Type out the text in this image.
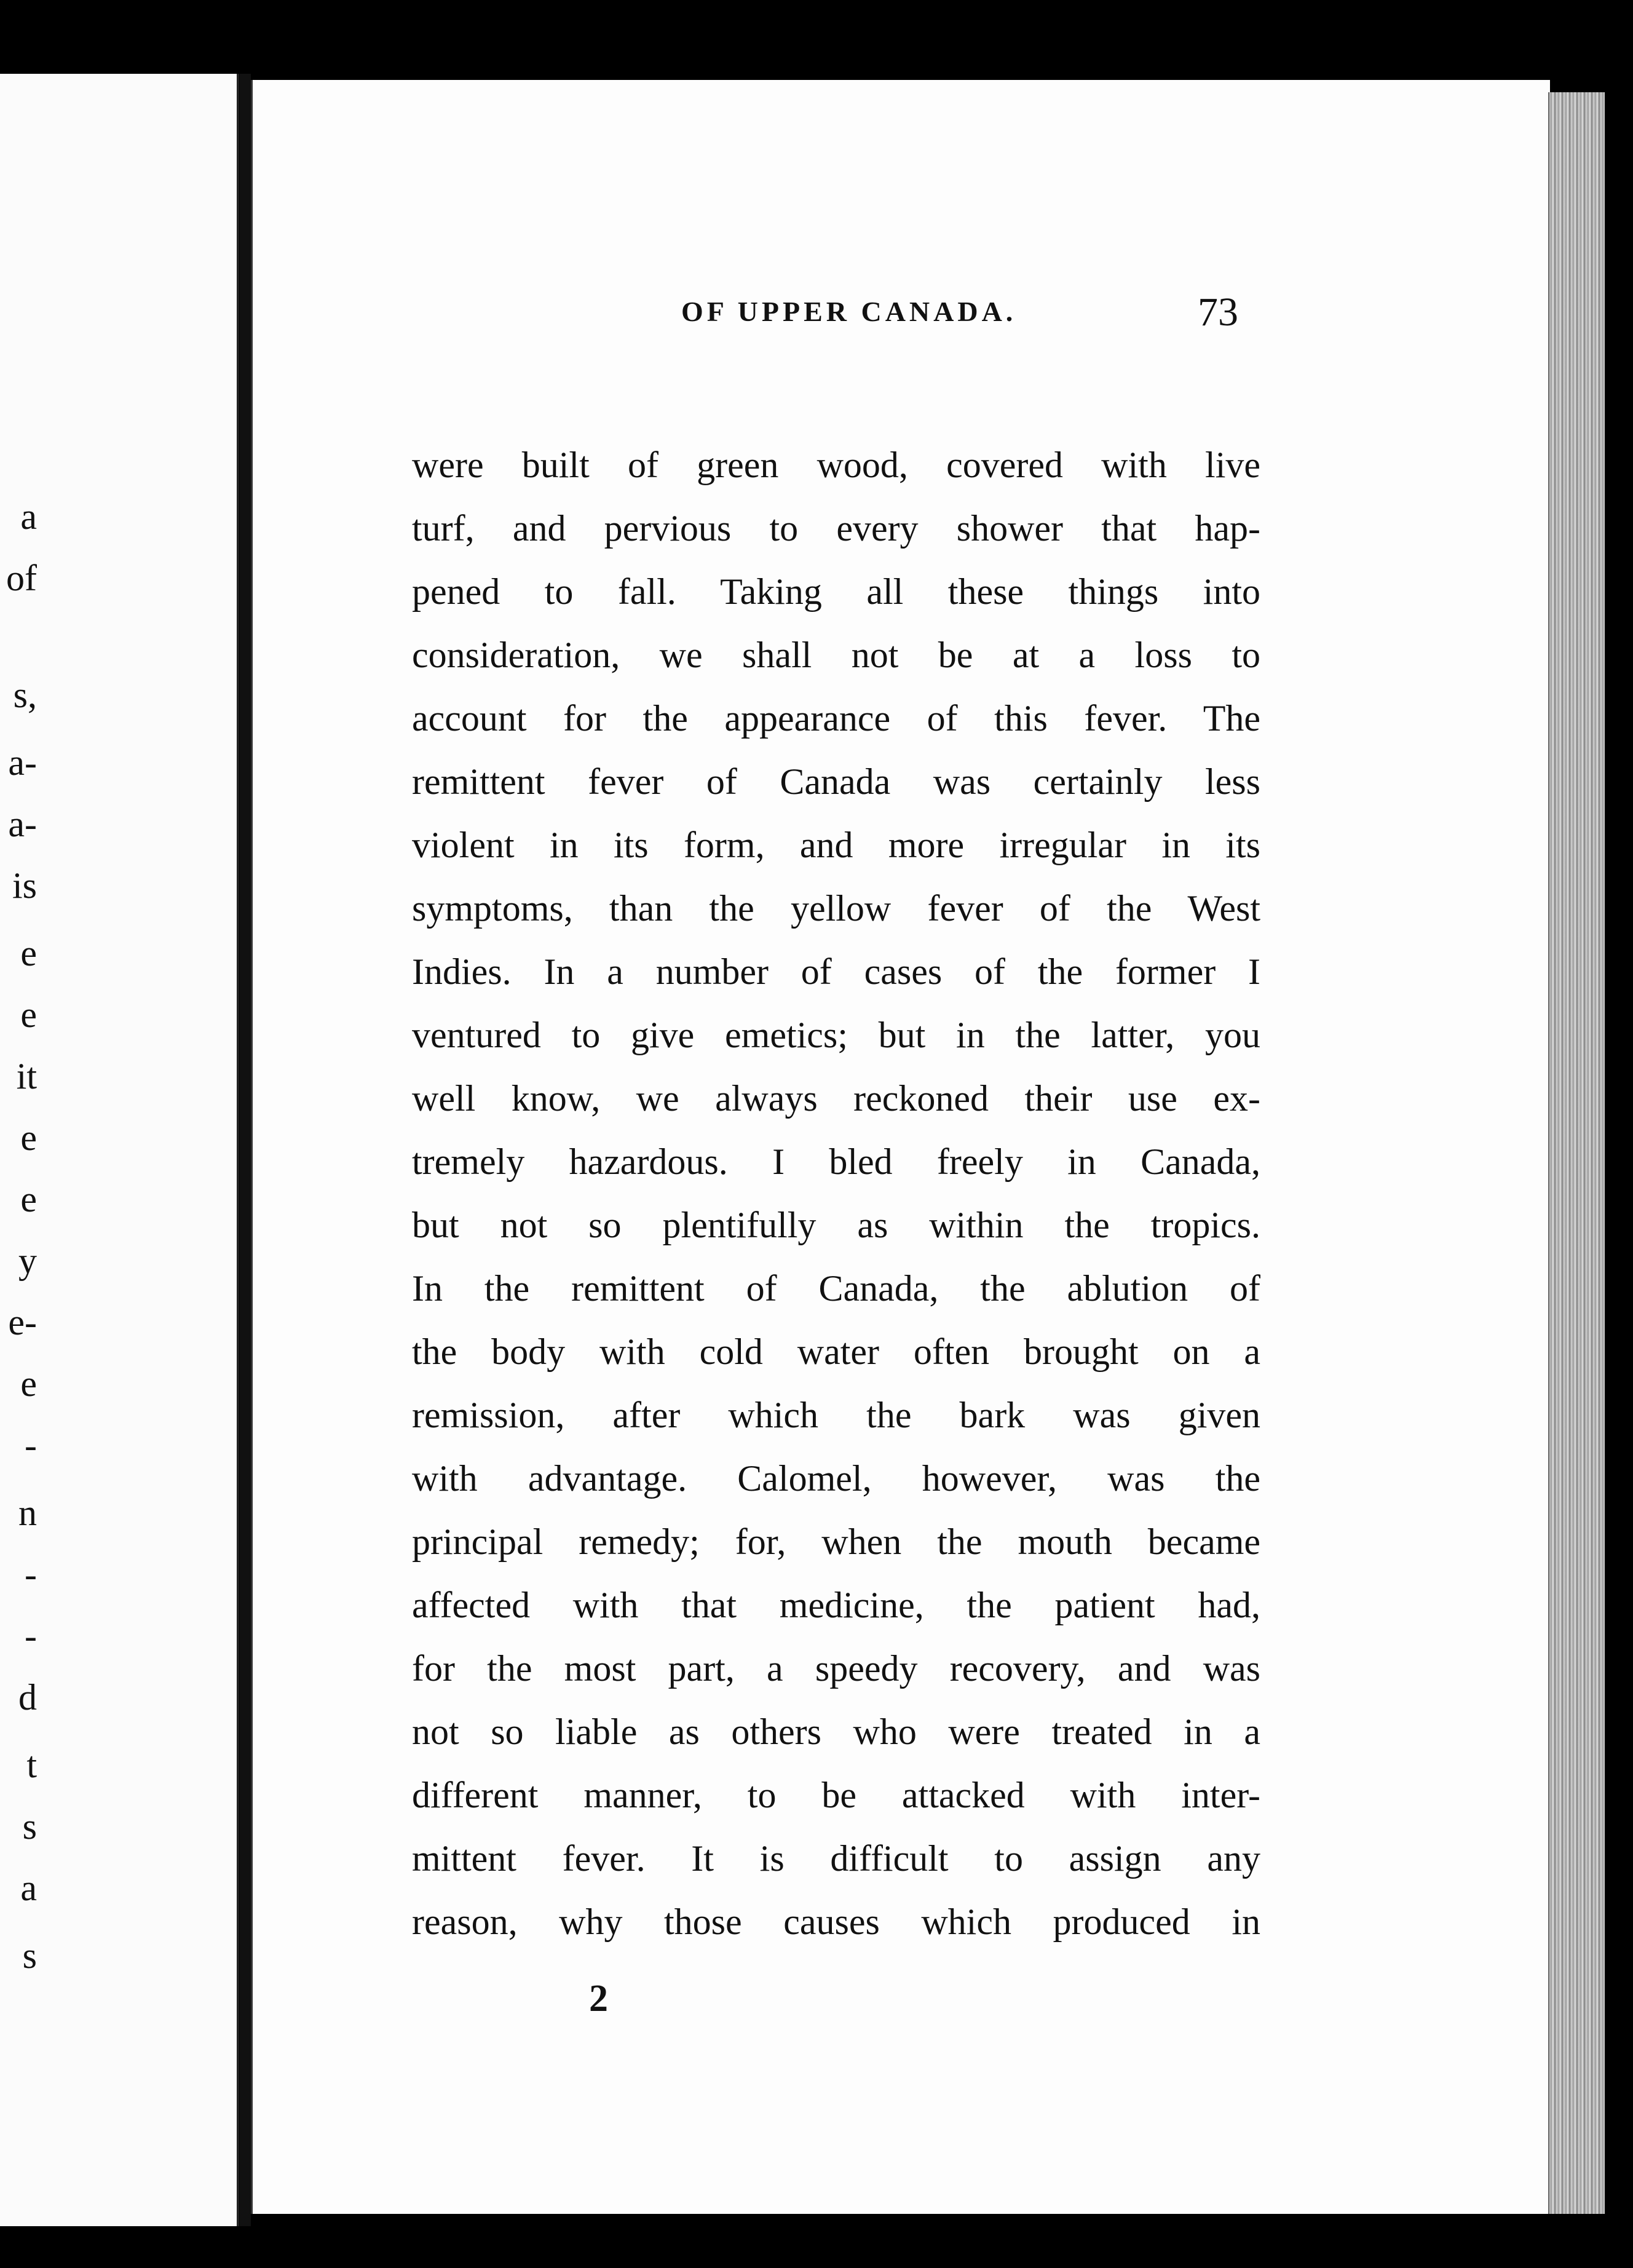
a
of
s,
a-
a-
is
e
e
it
e
e
y
e-
e
-
n
-
-
d
t
s
a
s
OF UPPER CANADA.	73
were built of green wood, covered with live
turf, and pervious to every shower that hap-
pened to fall. Taking all these things into
consideration, we shall not be at a loss to
account for the appearance of this fever. The
remittent fever of Canada was certainly less
violent in its form, and more irregular in its
symptoms, than the yellow fever of the West
Indies. In a number of cases of the former I
ventured to give emetics; but in the latter, you
well know, we always reckoned their use ex-
tremely hazardous. I bled freely in Canada,
but not so plentifully as within the tropics.
In the remittent of Canada, the ablution of
the body with cold water often brought on a
remission, after which the bark was given
with advantage. Calomel, however, was the
principal remedy; for, when the mouth became
affected with that medicine, the patient had,
for the most part, a speedy recovery, and was
not so liable as others who were treated in a
different manner, to be attacked with inter-
mittent fever. It is difficult to assign any
reason, why those causes which produced in
2
